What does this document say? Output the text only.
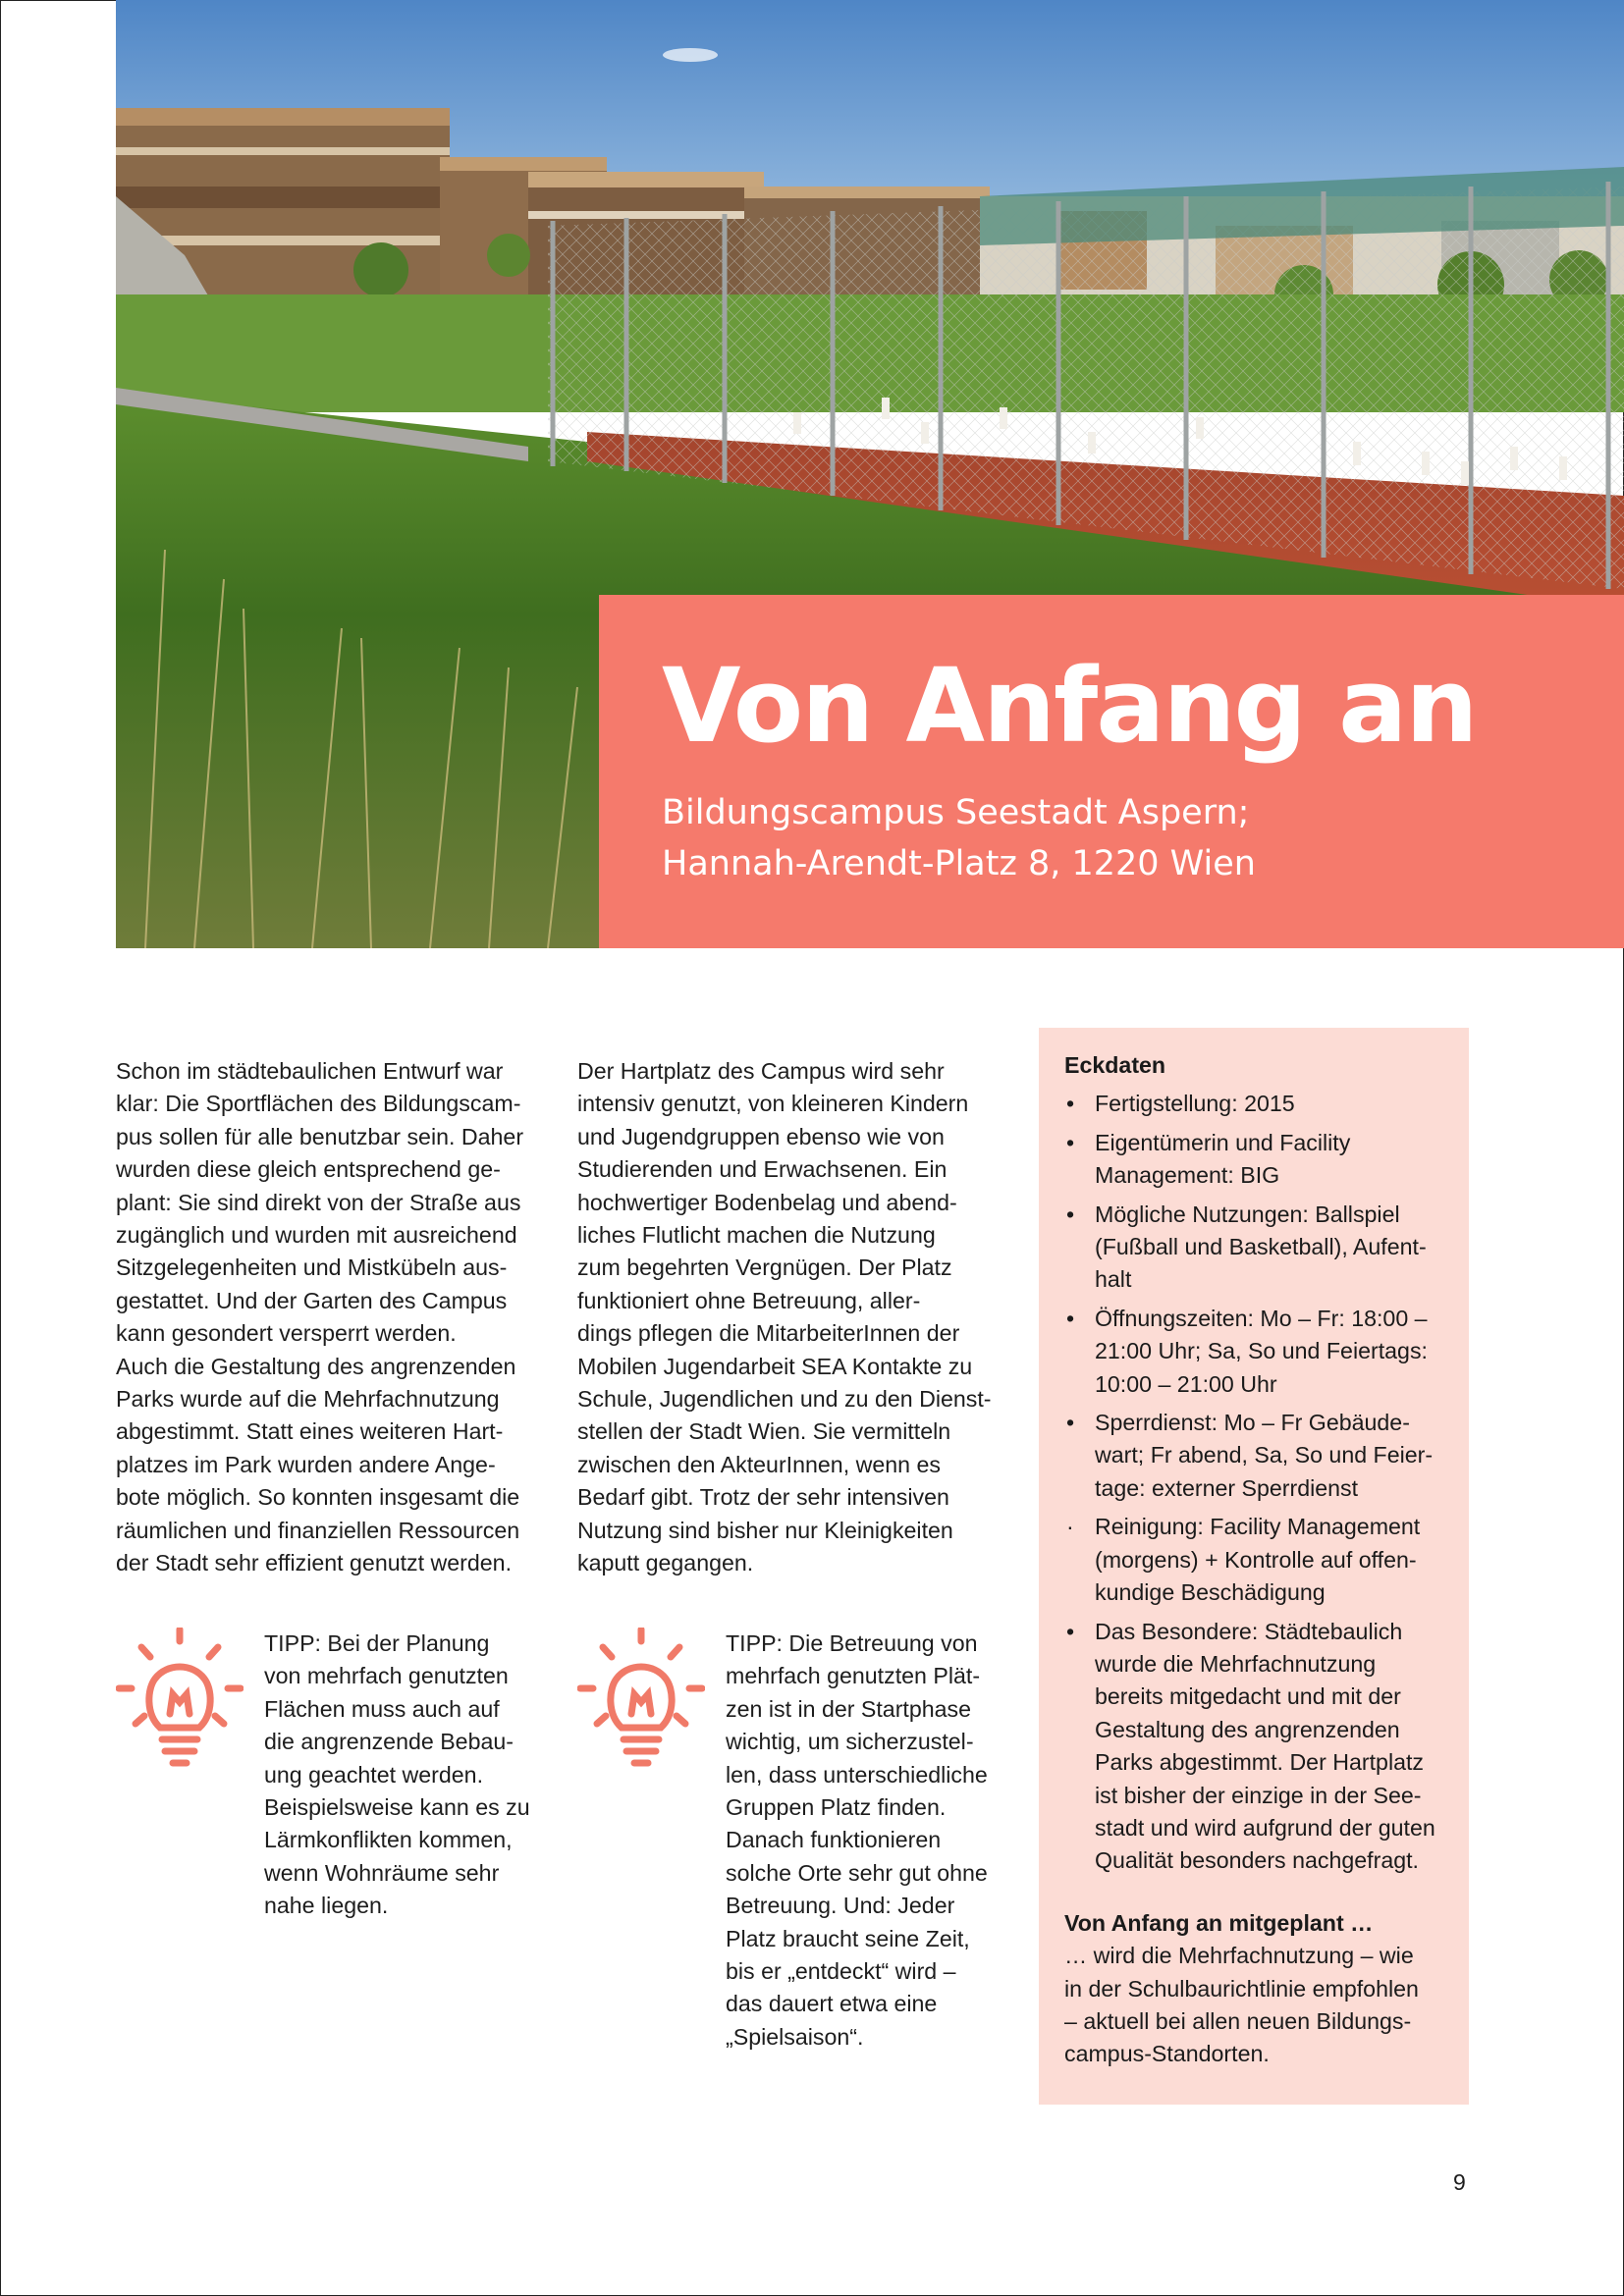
Von Anfang an
Bildungscampus Seestadt Aspern;
Hannah-Arendt-Platz 8, 1220 Wien
Schon im städtebaulichen Entwurf war
klar: Die Sportflächen des Bildungscam-
pus sollen für alle benutzbar sein. Daher
wurden diese gleich entsprechend ge-
plant: Sie sind direkt von der Straße aus
zugänglich und wurden mit ausreichend
Sitzgelegenheiten und Mistkübeln aus-
gestattet. Und der Garten des Campus
kann gesondert versperrt werden.
Auch die Gestaltung des angrenzenden
Parks wurde auf die Mehrfachnutzung
abgestimmt. Statt eines weiteren Hart-
platzes im Park wurden andere Ange-
bote möglich. So konnten insgesamt die
räumlichen und finanziellen Ressourcen
der Stadt sehr effizient genutzt werden.
Der Hartplatz des Campus wird sehr
intensiv genutzt, von kleineren Kindern
und Jugendgruppen ebenso wie von
Studierenden und Erwachsenen. Ein
hochwertiger Bodenbelag und abend-
liches Flutlicht machen die Nutzung
zum begehrten Vergnügen. Der Platz
funktioniert ohne Betreuung, aller-
dings pflegen die MitarbeiterInnen der
Mobilen Jugendarbeit SEA Kontakte zu
Schule, Jugendlichen und zu den Dienst-
stellen der Stadt Wien. Sie vermitteln
zwischen den AkteurInnen, wenn es
Bedarf gibt. Trotz der sehr intensiven
Nutzung sind bisher nur Kleinigkeiten
kaputt gegangen.
TIPP: Bei der Planung
von mehrfach genutzten
Flächen muss auch auf
die angrenzende Bebau-
ung geachtet werden.
Beispielsweise kann es zu
Lärmkonflikten kommen,
wenn Wohnräume sehr
nahe liegen.
TIPP: Die Betreuung von
mehrfach genutzten Plät-
zen ist in der Startphase
wichtig, um sicherzustel-
len, dass unterschiedliche
Gruppen Platz finden.
Danach funktionieren
solche Orte sehr gut ohne
Betreuung. Und: Jeder
Platz braucht seine Zeit,
bis er „entdeckt“ wird –
das dauert etwa eine
„Spielsaison“.
Eckdaten
• Fertigstellung: 2015
• Eigentümerin und Facility
Management: BIG
• Mögliche Nutzungen: Ballspiel
(Fußball und Basketball), Aufent-
halt
• Öffnungszeiten: Mo – Fr: 18:00 –
21:00 Uhr; Sa, So und Feiertags:
10:00 – 21:00 Uhr
• Sperrdienst: Mo – Fr Gebäude-
wart; Fr abend, Sa, So und Feier-
tage: externer Sperrdienst
· Reinigung: Facility Management
(morgens) + Kontrolle auf offen-
kundige Beschädigung
• Das Besondere: Städtebaulich
wurde die Mehrfachnutzung
bereits mitgedacht und mit der
Gestaltung des angrenzenden
Parks abgestimmt. Der Hartplatz
ist bisher der einzige in der See-
stadt und wird aufgrund der guten
Qualität besonders nachgefragt.
Von Anfang an mitgeplant …
… wird die Mehrfachnutzung – wie
in der Schulbaurichtlinie empfohlen
– aktuell bei allen neuen Bildungs-
campus-Standorten.
9
